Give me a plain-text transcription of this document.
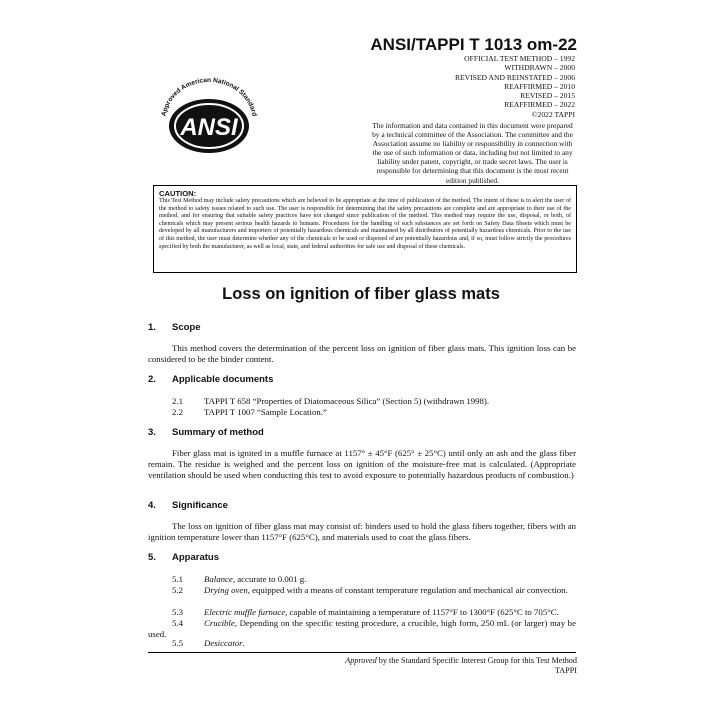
Approved American National Standard
ANSI
ANSI/TAPPI T 1013 om-22
OFFICIAL TEST METHOD – 1992
WITHDRAWN – 2000
REVISED AND REINSTATED – 2006
REAFFIRMED – 2010
REVISED – 2015
REAFFIRMED – 2022
©2022 TAPPI
The information and data contained in this document were prepared by a technical committee of the Association. The committee and the Association assume no liability or responsibility in connection with the use of such information or data, including but not limited to any liability under patent, copyright, or trade secret laws. The user is responsible for determining that this document is the most recent edition published.
CAUTION:
This Test Method may include safety precautions which are believed to be appropriate at the time of publication of the method. The intent of these is to alert the user of the method to safety issues related to such use. The user is responsible for determining that the safety precautions are complete and are appropriate to their use of the method, and for ensuring that suitable safety practices have not changed since publication of the method. This method may require the use, disposal, or both, of chemicals which may present serious health hazards to humans. Procedures for the handling of such substances are set forth on Safety Data Sheets which must be developed by all manufacturers and importers of potentially hazardous chemicals and maintained by all distributors of potentially hazardous chemicals. Prior to the use of this method, the user must determine whether any of the chemicals to be used or disposed of are potentially hazardous and, if so, must follow strictly the procedures specified by both the manufacturer, as well as local, state, and federal authorities for safe use and disposal of these chemicals.
Loss on ignition of fiber glass mats
1. Scope
This method covers the determination of the percent loss on ignition of fiber glass mats. This ignition loss can be considered to be the binder content.
2. Applicable documents
2.1 TAPPI T 658 “Properties of Diatomaceous Silica” (Section 5) (withdrawn 1998).
2.2 TAPPI T 1007 “Sample Location.”
3. Summary of method
Fiber glass mat is ignited in a muffle furnace at 1157° ± 45°F (625° ± 25°C) until only an ash and the glass fiber remain. The residue is weighed and the percent loss on ignition of the moisture-free mat is calculated. (Appropriate ventilation should be used when conducting this test to avoid exposure to potentially hazardous products of combustion.)
4. Significance
The loss on ignition of fiber glass mat may consist of: binders used to hold the glass fibers together, fibers with an ignition temperature lower than 1157°F (625°C), and materials used to coat the glass fibers.
5. Apparatus
5.1 Balance, accurate to 0.001 g.
5.2 Drying oven, equipped with a means of constant temperature regulation and mechanical air convection.
5.3 Electric muffle furnace, capable of maintaining a temperature of 1157°F to 1300°F (625°C to 705°C.
5.4 Crucible, Depending on the specific testing procedure, a crucible, high form, 250 mL (or larger) may be used.
5.5 Desiccator.
Approved by the Standard Specific Interest Group for this Test Method
TAPPI
